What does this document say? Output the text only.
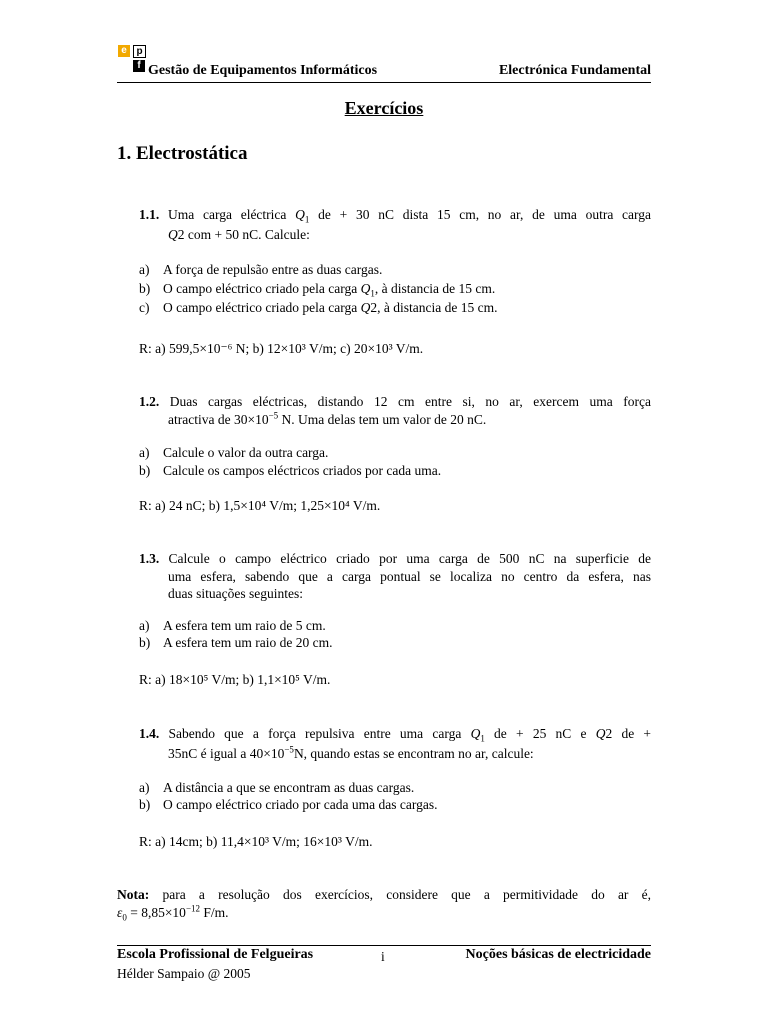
e p
f Gestão de Equipamentos Informáticos	Electrónica Fundamental
Exercícios
1. Electrostática
1.1. Uma carga eléctrica $Q_1$ de + 30 nC dista 15 cm, no ar, de uma outra carga
Q2 com + 50 nC. Calcule:
a) A força de repulsão entre as duas cargas.
b) O campo eléctrico criado pela carga $Q_1$, à distancia de 15 cm.
c) O campo eléctrico criado pela carga Q2, à distancia de 15 cm.
R: a) 599,5×10⁻⁶ N; b) 12×10³ V/m; c) 20×10³ V/m.
1.2. Duas cargas eléctricas, distando 12 cm entre si, no ar, exercem uma força
atractiva de $30\times 10^{-5}$ N. Uma delas tem um valor de 20 nC.
a) Calcule o valor da outra carga.
b) Calcule os campos eléctricos criados por cada uma.
R: a) 24 nC; b) 1,5×10⁴ V/m; 1,25×10⁴ V/m.
1.3. Calcule o campo eléctrico criado por uma carga de 500 nC na superficie de
uma esfera, sabendo que a carga pontual se localiza no centro da esfera, nas
duas situações seguintes:
a) A esfera tem um raio de 5 cm.
b) A esfera tem um raio de 20 cm.
R: a) 18×10⁵ V/m; b) 1,1×10⁵ V/m.
1.4. Sabendo que a força repulsiva entre uma carga $Q_1$ de + 25 nC e Q2 de +
35nC é igual a $40\times 10^{-5}N$, quando estas se encontram no ar, calcule:
a) A distância a que se encontram as duas cargas.
b) O campo eléctrico criado por cada uma das cargas.
R: a) 14cm; b) 11,4×10³ V/m; 16×10³ V/m.
Nota: para a resolução dos exercícios, considere que a permitividade do ar é,
$\varepsilon_0 = 8,85\times 10^{-12}$ F/m.
Escola Profissional de Felgueiras	i	Noções básicas de electricidade
Hélder Sampaio @ 2005
